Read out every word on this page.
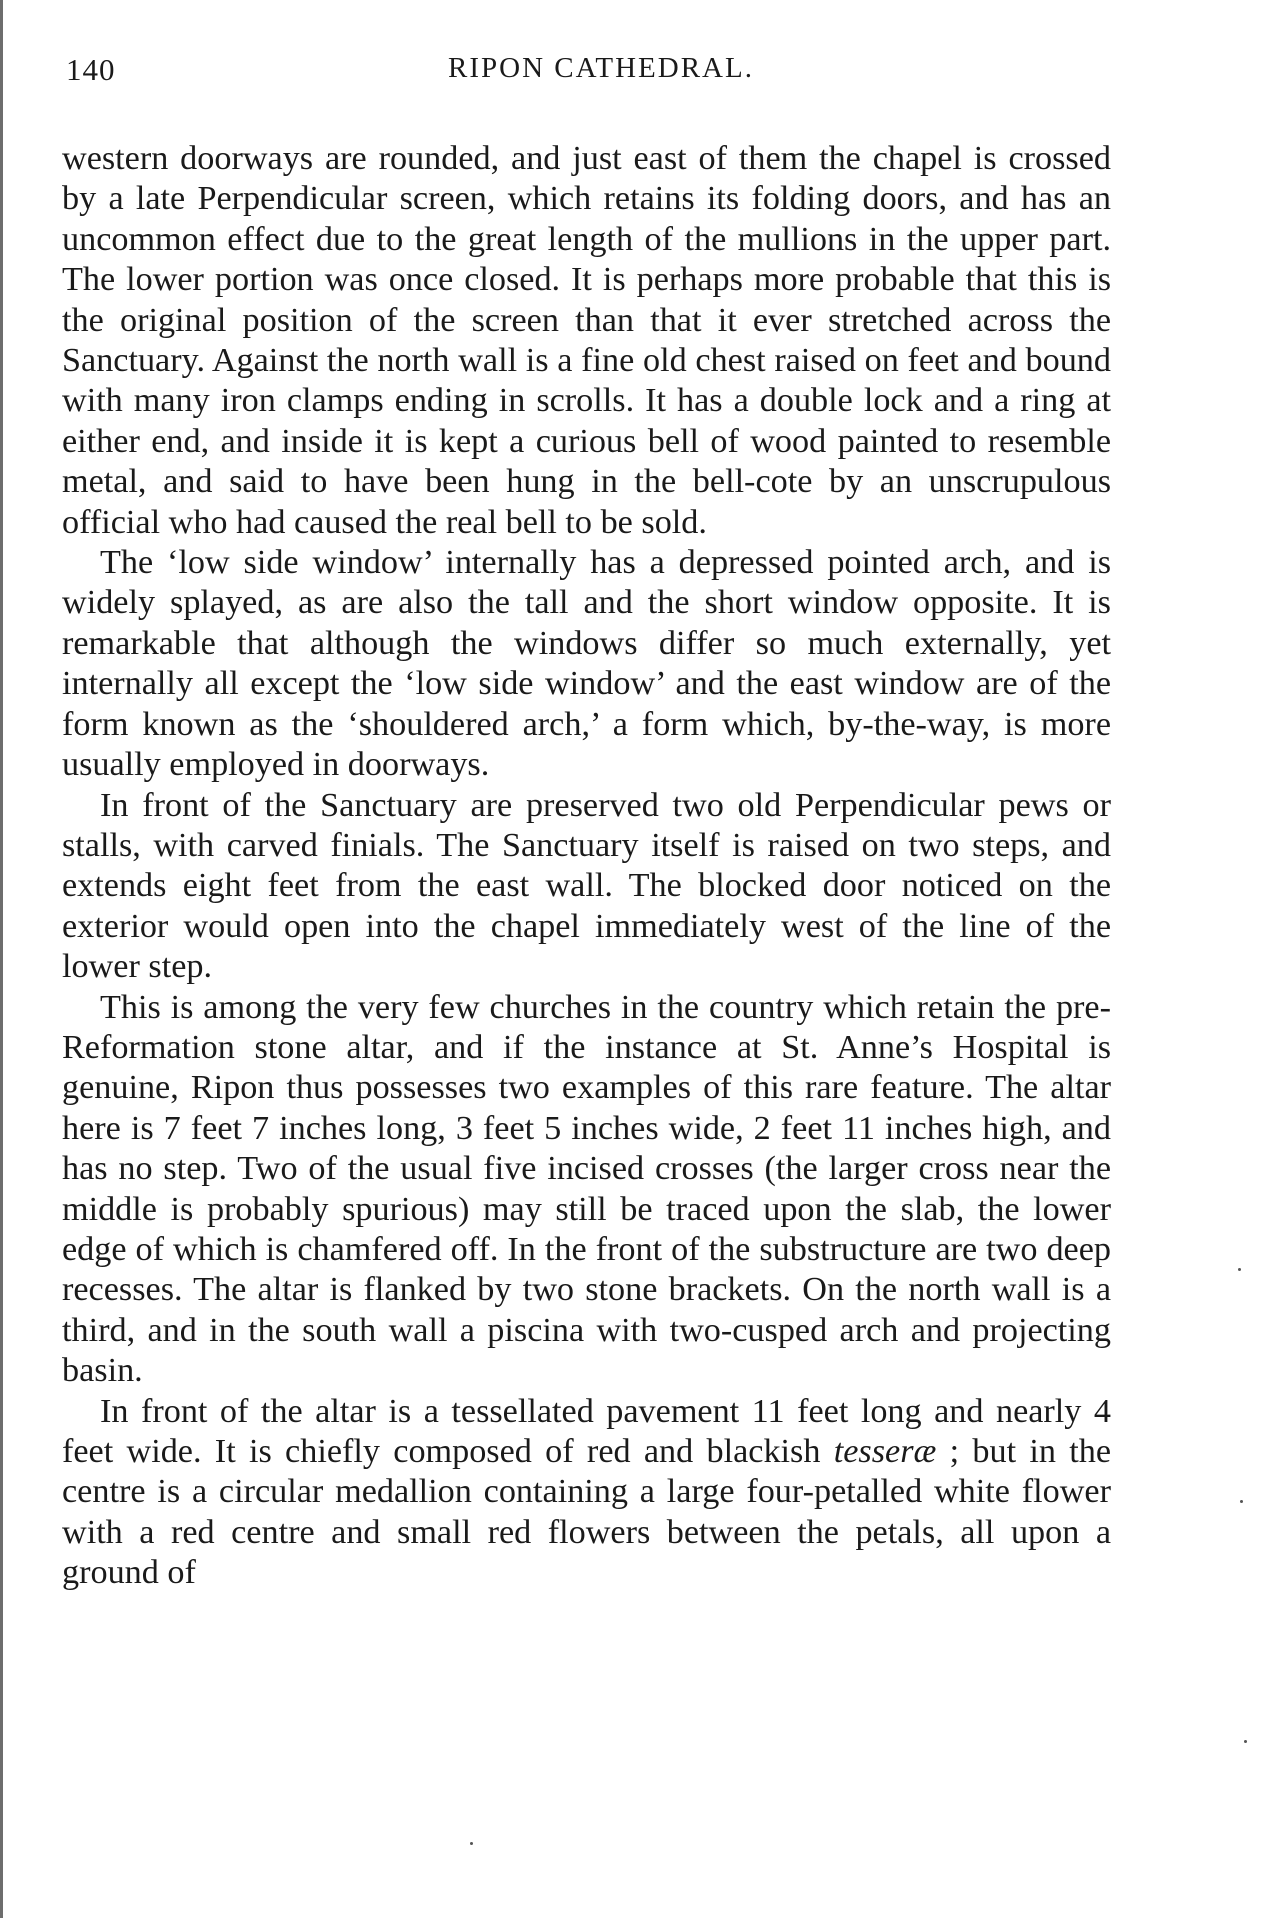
140	RIPON CATHEDRAL.

western doorways are rounded, and just east of them the chapel is crossed by a late Perpendicular screen, which retains its folding doors, and has an uncommon effect due to the great length of the mullions in the upper part. The lower portion was once closed. It is perhaps more probable that this is the original position of the screen than that it ever stretched across the Sanctuary. Against the north wall is a fine old chest raised on feet and bound with many iron clamps ending in scrolls. It has a double lock and a ring at either end, and inside it is kept a curious bell of wood painted to resemble metal, and said to have been hung in the bell-cote by an unscrupulous official who had caused the real bell to be sold.

The ‘low side window’ internally has a depressed pointed arch, and is widely splayed, as are also the tall and the short window opposite. It is remarkable that although the windows differ so much externally, yet internally all except the ‘low side window’ and the east window are of the form known as the ‘shouldered arch,’ a form which, by-the-way, is more usually employed in doorways.

In front of the Sanctuary are preserved two old Perpendicular pews or stalls, with carved finials. The Sanctuary itself is raised on two steps, and extends eight feet from the east wall. The blocked door noticed on the exterior would open into the chapel immediately west of the line of the lower step.

This is among the very few churches in the country which retain the pre-Reformation stone altar, and if the instance at St. Anne’s Hospital is genuine, Ripon thus possesses two examples of this rare feature. The altar here is 7 feet 7 inches long, 3 feet 5 inches wide, 2 feet 11 inches high, and has no step. Two of the usual five incised crosses (the larger cross near the middle is probably spurious) may still be traced upon the slab, the lower edge of which is chamfered off. In the front of the substructure are two deep recesses. The altar is flanked by two stone brackets. On the north wall is a third, and in the south wall a piscina with two-cusped arch and projecting basin.

In front of the altar is a tessellated pavement 11 feet long and nearly 4 feet wide. It is chiefly composed of red and blackish tesseræ ; but in the centre is a circular medallion containing a large four-petalled white flower with a red centre and small red flowers between the petals, all upon a ground of
